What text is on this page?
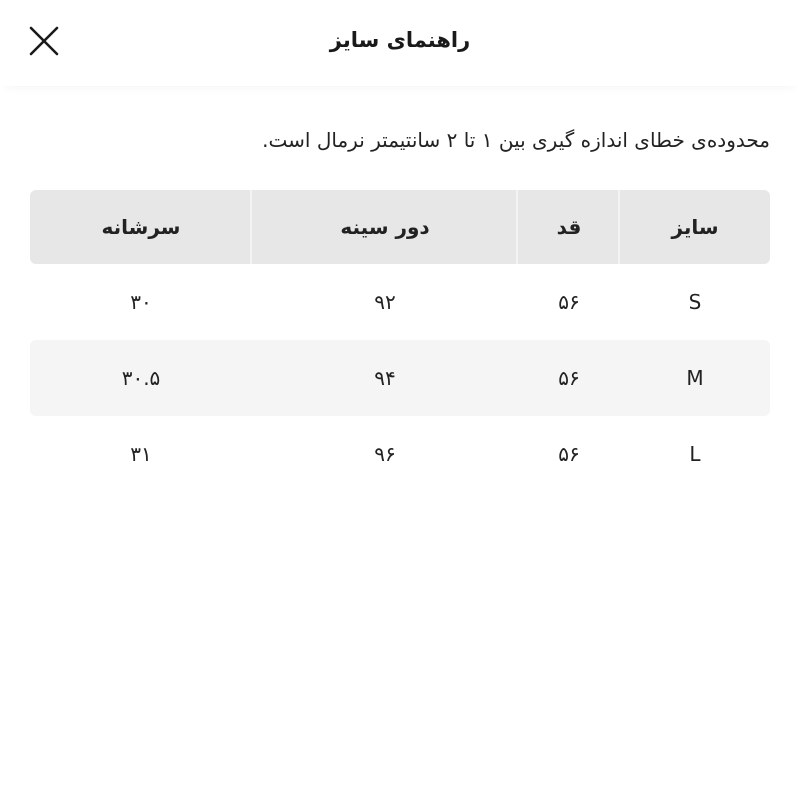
راهنمای سایز
محدوده‌ی خطای اندازه گیری بین ۱ تا ۲ سانتیمتر نرمال است.
سایز
قد
دور سینه
سرشانه
S
۵۶
۹۲
۳۰
M
۵۶
۹۴
۳۰.۵
L
۵۶
۹۶
۳۱
